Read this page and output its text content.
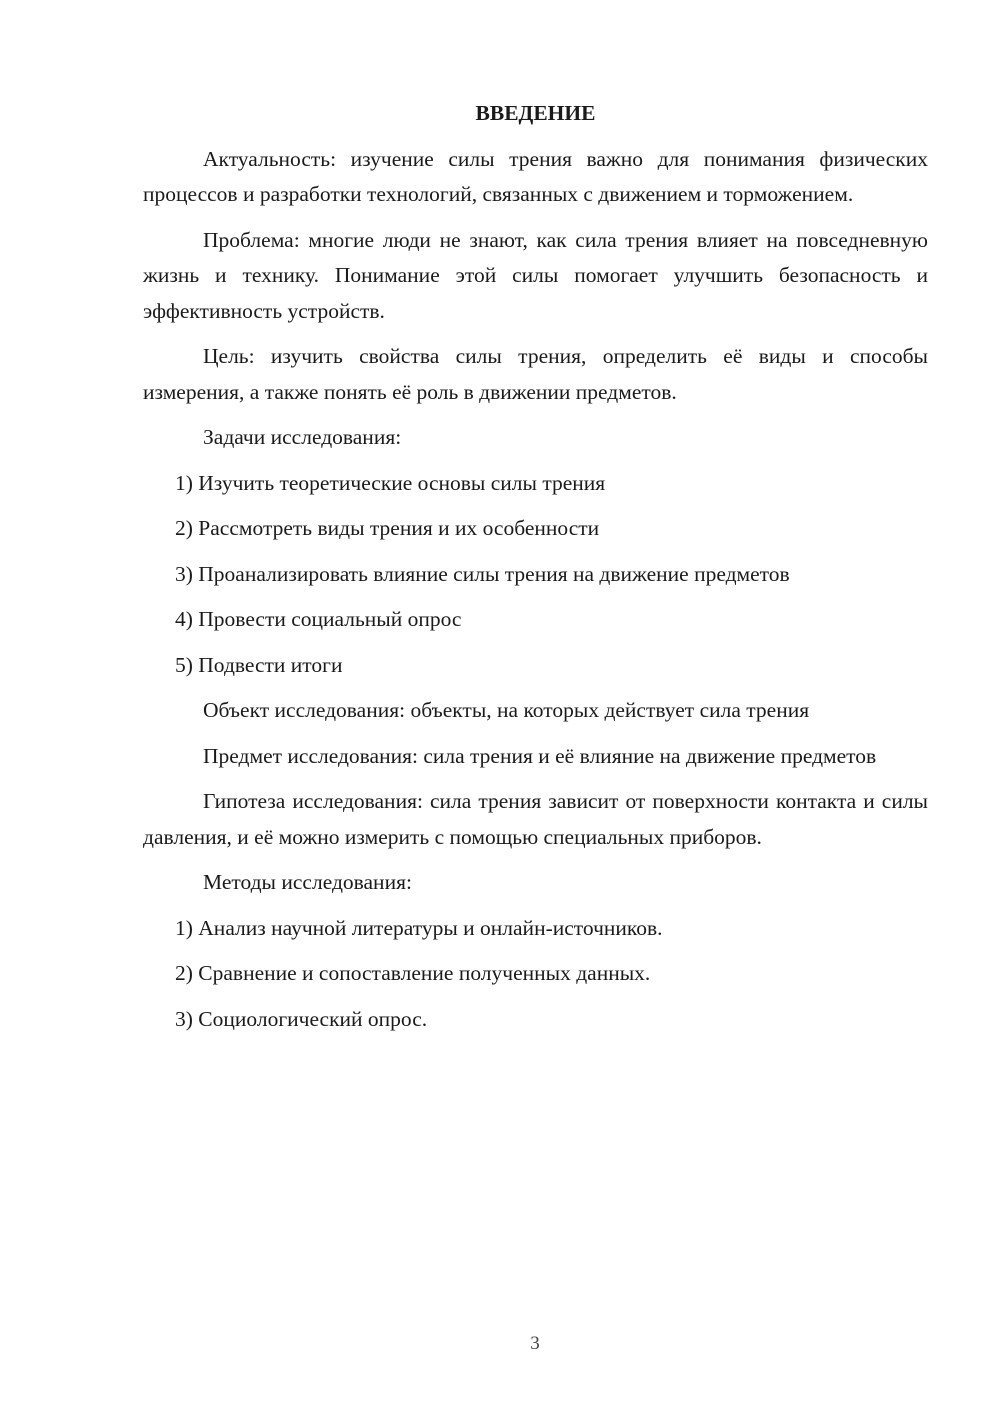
ВВЕДЕНИЕ

Актуальность: изучение силы трения важно для понимания физических процессов и разработки технологий, связанных с движением и торможением.

Проблема: многие люди не знают, как сила трения влияет на повседневную жизнь и технику. Понимание этой силы помогает улучшить безопасность и эффективность устройств.

Цель: изучить свойства силы трения, определить её виды и способы измерения, а также понять её роль в движении предметов.

Задачи исследования:

1) Изучить теоретические основы силы трения

2) Рассмотреть виды трения и их особенности

3) Проанализировать влияние силы трения на движение предметов

4) Провести социальный опрос

5) Подвести итоги

Объект исследования: объекты, на которых действует сила трения

Предмет исследования: сила трения и её влияние на движение предметов

Гипотеза исследования: сила трения зависит от поверхности контакта и силы давления, и её можно измерить с помощью специальных приборов.

Методы исследования:

1) Анализ научной литературы и онлайн-источников.

2) Сравнение и сопоставление полученных данных.

3) Социологический опрос.

3
